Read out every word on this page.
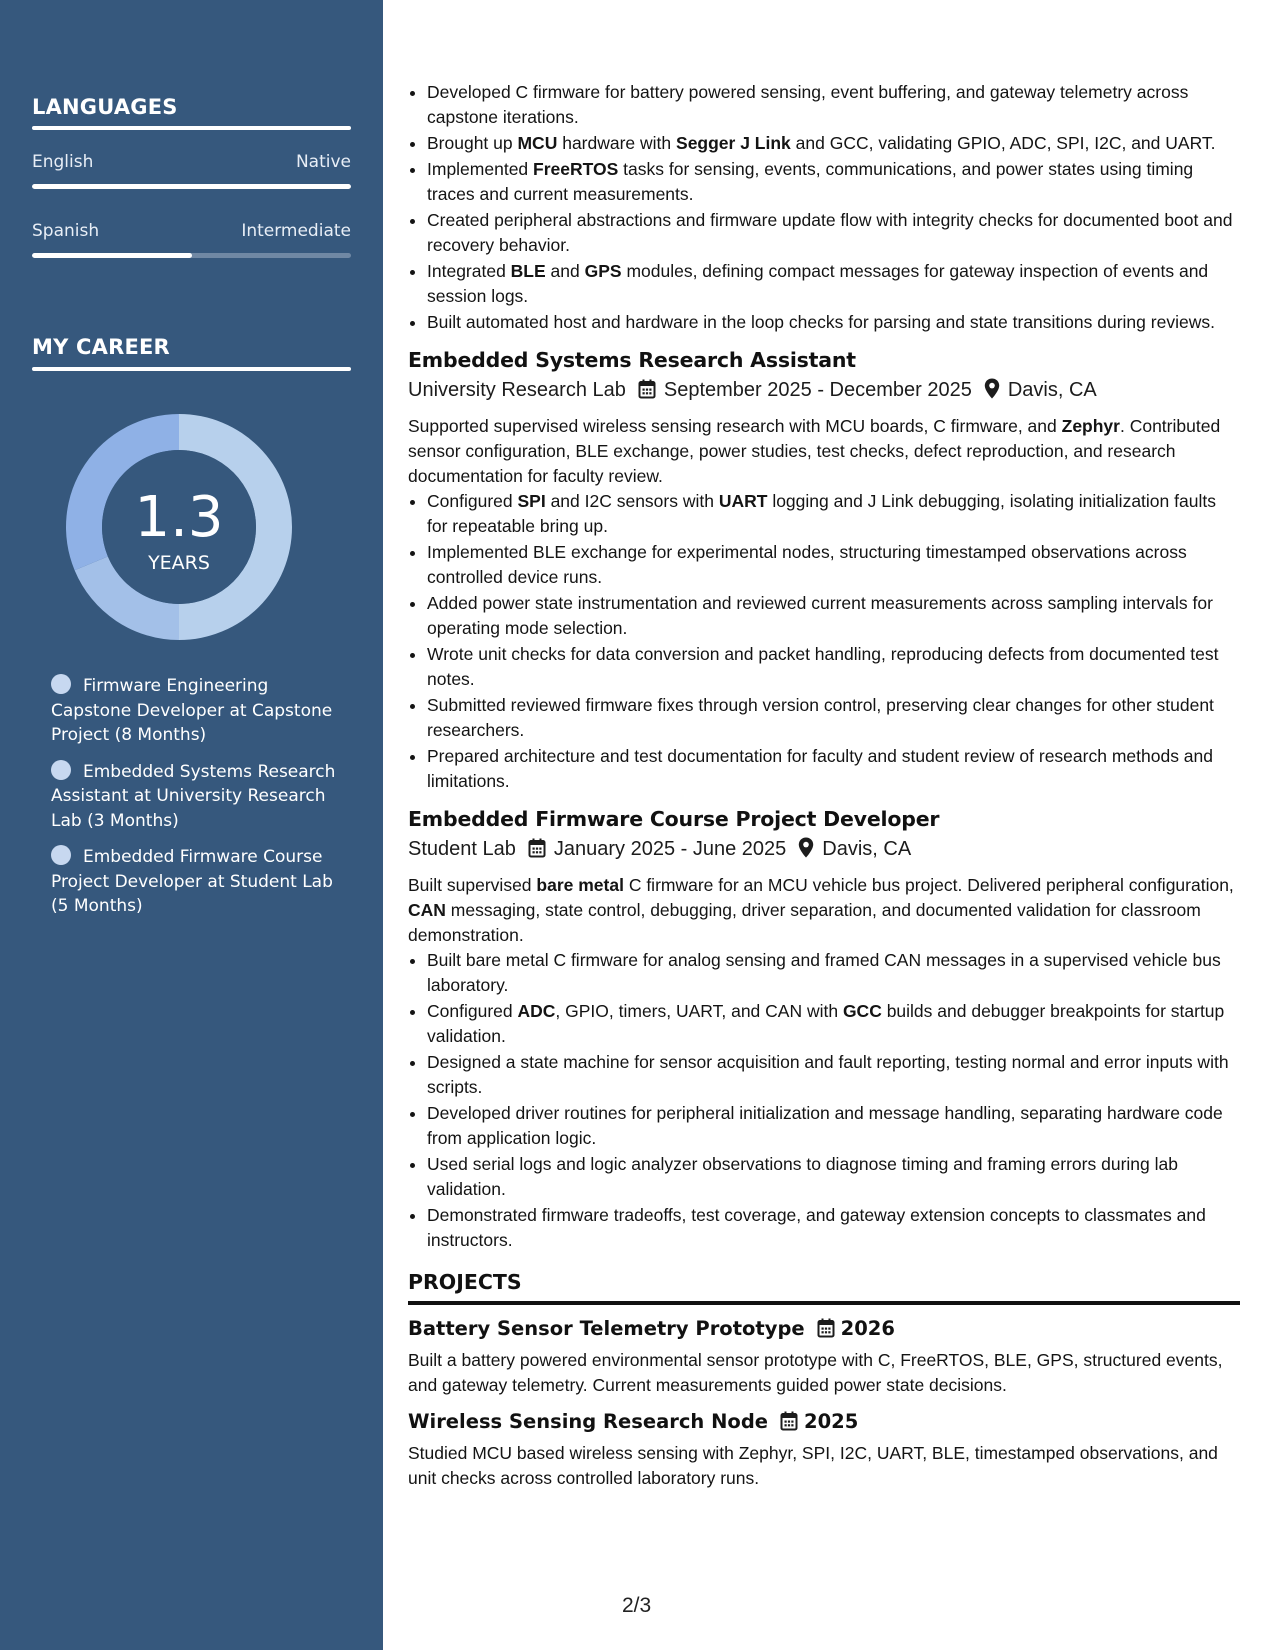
LANGUAGES
English	Native
Spanish	Intermediate
MY CAREER
1.3
YEARS
Firmware Engineering Capstone Developer at Capstone Project (8 Months)
Embedded Systems Research Assistant at University Research Lab (3 Months)
Embedded Firmware Course Project Developer at Student Lab (5 Months)
• Developed C firmware for battery powered sensing, event buffering, and gateway telemetry across capstone iterations.
• Brought up MCU hardware with Segger J Link and GCC, validating GPIO, ADC, SPI, I2C, and UART.
• Implemented FreeRTOS tasks for sensing, events, communications, and power states using timing traces and current measurements.
• Created peripheral abstractions and firmware update flow with integrity checks for documented boot and recovery behavior.
• Integrated BLE and GPS modules, defining compact messages for gateway inspection of events and session logs.
• Built automated host and hardware in the loop checks for parsing and state transitions during reviews.
Embedded Systems Research Assistant
University Research Lab September 2025 - December 2025 Davis, CA

Supported supervised wireless sensing research with MCU boards, C firmware, and Zephyr. Contributed sensor configuration, BLE exchange, power studies, test checks, defect reproduction, and research documentation for faculty review.

• Configured SPI and I2C sensors with UART logging and J Link debugging, isolating initialization faults for repeatable bring up.
• Implemented BLE exchange for experimental nodes, structuring timestamped observations across controlled device runs.
• Added power state instrumentation and reviewed current measurements across sampling intervals for operating mode selection.
• Wrote unit checks for data conversion and packet handling, reproducing defects from documented test notes.
• Submitted reviewed firmware fixes through version control, preserving clear changes for other student researchers.
• Prepared architecture and test documentation for faculty and student review of research methods and limitations.
Embedded Firmware Course Project Developer
Student Lab January 2025 - June 2025 Davis, CA

Built supervised bare metal C firmware for an MCU vehicle bus project. Delivered peripheral configuration, CAN messaging, state control, debugging, driver separation, and documented validation for classroom demonstration.

• Built bare metal C firmware for analog sensing and framed CAN messages in a supervised vehicle bus laboratory.
• Configured ADC, GPIO, timers, UART, and CAN with GCC builds and debugger breakpoints for startup validation.
• Designed a state machine for sensor acquisition and fault reporting, testing normal and error inputs with scripts.
• Developed driver routines for peripheral initialization and message handling, separating hardware code from application logic.
• Used serial logs and logic analyzer observations to diagnose timing and framing errors during lab validation.
• Demonstrated firmware tradeoffs, test coverage, and gateway extension concepts to classmates and instructors.
PROJECTS
Battery Sensor Telemetry Prototype 2026

Built a battery powered environmental sensor prototype with C, FreeRTOS, BLE, GPS, structured events, and gateway telemetry. Current measurements guided power state decisions.

Wireless Sensing Research Node 2025

Studied MCU based wireless sensing with Zephyr, SPI, I2C, UART, BLE, timestamped observations, and unit checks across controlled laboratory runs.

2/3
